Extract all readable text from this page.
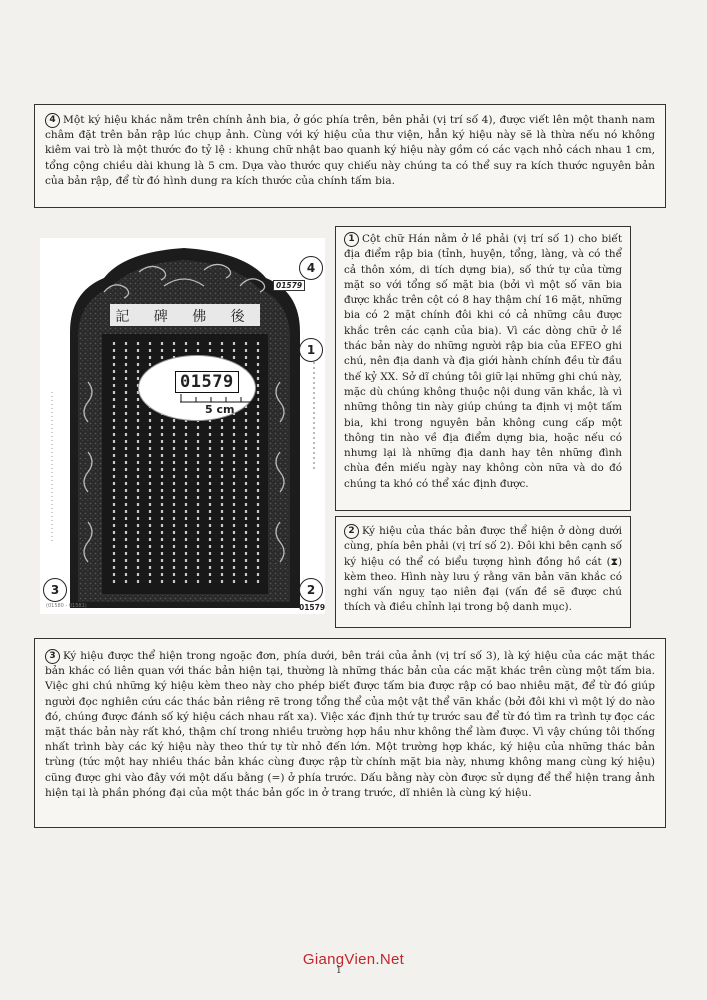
4 Một ký hiệu khác nằm trên chính ảnh bia, ở góc phía trên, bên phải (vị trí số 4), được viết lên một thanh nam châm đặt trên bản rập lúc chụp ảnh. Cùng với ký hiệu của thư viện, hẳn ký hiệu này sẽ là thừa nếu nó không kiêm vai trò là một thước đo tỷ lệ : khung chữ nhật bao quanh ký hiệu này gồm có các vạch nhỏ cách nhau 1 cm, tổng cộng chiều dài khung là 5 cm. Dựa vào thước quy chiếu này chúng ta có thể suy ra kích thước nguyên bản của bản rập, để từ đó hình dung ra kích thước của chính tấm bia.
記 碑 佛 後
4
1
3	2
01579
5 cm
01579
01579
(01580 - 01581)
1 Cột chữ Hán nằm ở lề phải (vị trí số 1) cho biết địa điểm rập bia (tỉnh, huyện, tổng, làng, và có thể cả thôn xóm, di tích dựng bia), số thứ tự của từng mặt so với tổng số mặt bia (bởi vì một số văn bia được khắc trên cột có 8 hay thậm chí 16 mặt, những bia có 2 mặt chính đôi khi có cả những câu được khắc trên các cạnh của bia). Vì các dòng chữ ở lề thác bản này do những người rập bia của EFEO ghi chú, nên địa danh và địa giới hành chính đều từ đầu thế kỷ XX. Sở dĩ chúng tôi giữ lại những ghi chú này, mặc dù chúng không thuộc nội dung văn khắc, là vì những thông tin này giúp chúng ta định vị một tấm bia, khi trong nguyên bản không cung cấp một thông tin nào về địa điểm dựng bia, hoặc nếu có nhưng lại là những địa danh hay tên những đình chùa đền miếu ngày nay không còn nữa và do đó chúng ta khó có thể xác định được.
2 Ký hiệu của thác bản được thể hiện ở dòng dưới cùng, phía bên phải (vị trí số 2). Đôi khi bên cạnh số ký hiệu có thể có biểu tượng hình đồng hồ cát (⧗) kèm theo. Hình này lưu ý rằng văn bản văn khắc có nghi vấn nguỵ tạo niên đại (vấn đề sẽ được chú thích và điều chỉnh lại trong bộ danh mục).
3 Ký hiệu được thể hiện trong ngoặc đơn, phía dưới, bên trái của ảnh (vị trí số 3), là ký hiệu của các mặt thác bản khác có liên quan với thác bản hiện tại, thường là những thác bản của các mặt khác trên cùng một tấm bia. Việc ghi chú những ký hiệu kèm theo này cho phép biết được tấm bia được rập có bao nhiêu mặt, để từ đó giúp người đọc nghiên cứu các thác bản riêng rẽ trong tổng thể của một vật thể văn khắc (bởi đôi khi vì một lý do nào đó, chúng được đánh số ký hiệu cách nhau rất xa). Việc xác định thứ tự trước sau để từ đó tìm ra trình tự đọc các mặt thác bản này rất khó, thậm chí trong nhiều trường hợp hầu như không thể làm được. Vì vậy chúng tôi thống nhất trình bày các ký hiệu này theo thứ tự từ nhỏ đến lớn. Một trường hợp khác, ký hiệu của những thác bản trùng (tức một hay nhiều thác bản khác cùng được rập từ chính mặt bia này, nhưng không mang cùng ký hiệu) cũng được ghi vào đây với một dấu bằng (=) ở phía trước. Dấu bằng này còn được sử dụng để thể hiện trang ảnh hiện tại là phần phóng đại của một thác bản gốc in ở trang trước, dĩ nhiên là cùng ký hiệu.
GiangVien.Net
1
